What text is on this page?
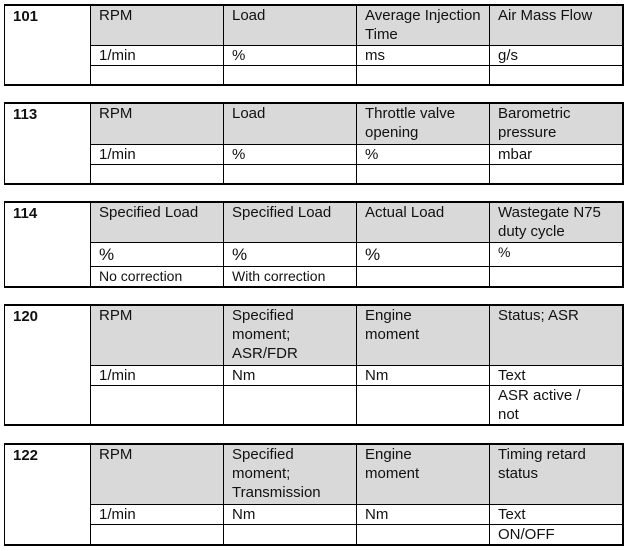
101	RPM	Load	Average Injection Time	Air Mass Flow
	1/min	%	ms	g/s

113	RPM	Load	Throttle valve opening	Barometric pressure
	1/min	%	%	mbar

114	Specified Load	Specified Load	Actual Load	Wastegate N75 duty cycle
	%	%	%	%
	No correction	With correction		
120	RPM	Specified moment; ASR/FDR	Engine moment	Status; ASR
	1/min	Nm	Nm	Text
				ASR active / not
122	RPM	Specified moment; Transmission	Engine moment	Timing retard status
	1/min	Nm	Nm	Text
				ON/OFF
